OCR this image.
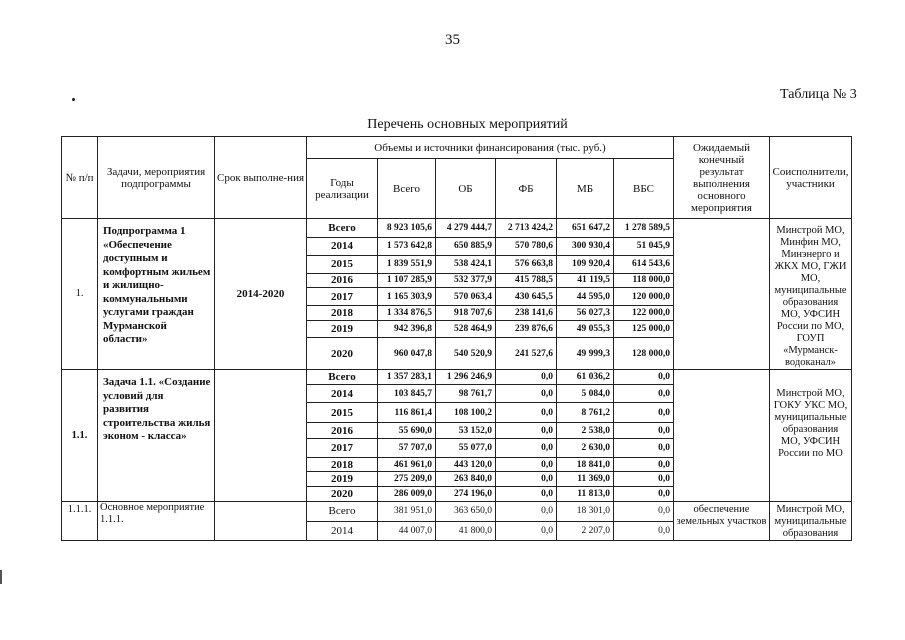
35
Таблица № 3
Перечень основных мероприятий
№ п/п	Задачи, мероприятия подпрограммы	Срок выполне-ния	Объемы и источники финансирования (тыс. руб.)						Ожидаемый конечный результат выполнения основного мероприятия	Соисполнители, участники
			Годы реализации	Всего	ОБ	ФБ	МБ	ВБС		
1.	Подпрограмма 1 «Обеспечение доступным и комфортным жильем и жилищно-коммунальными услугами граждан Мурманской области»	2014-2020	Всего	8 923 105,6	4 279 444,7	2 713 424,2	651 647,2	1 278 589,5		Минстрой МО, Минфин МО, Минэнерго и ЖКХ МО, ГЖИ МО, муниципальные образования МО, УФСИН России по МО, ГОУП «Мурманск-водоканал»
			2014	1 573 642,8	650 885,9	570 780,6	300 930,4	51 045,9		
			2015	1 839 551,9	538 424,1	576 663,8	109 920,4	614 543,6		
			2016	1 107 285,9	532 377,9	415 788,5	41 119,5	118 000,0		
			2017	1 165 303,9	570 063,4	430 645,5	44 595,0	120 000,0		
			2018	1 334 876,5	918 707,6	238 141,6	56 027,3	122 000,0		
			2019	942 396,8	528 464,9	239 876,6	49 055,3	125 000,0		
			2020	960 047,8	540 520,9	241 527,6	49 999,3	128 000,0		
1.1.	Задача 1.1. «Создание условий для развития строительства жилья эконом - класса»		Всего	1 357 283,1	1 296 246,9	0,0	61 036,2	0,0		Минстрой МО, ГОКУ УКС МО, муниципальные образования МО, УФСИН России по МО
			2014	103 845,7	98 761,7	0,0	5 084,0	0,0		
			2015	116 861,4	108 100,2	0,0	8 761,2	0,0		
			2016	55 690,0	53 152,0	0,0	2 538,0	0,0		
			2017	57 707,0	55 077,0	0,0	2 630,0	0,0		
			2018	461 961,0	443 120,0	0,0	18 841,0	0,0		
			2019	275 209,0	263 840,0	0,0	11 369,0	0,0		
			2020	286 009,0	274 196,0	0,0	11 813,0	0,0		
1.1.1.	Основное мероприятие 1.1.1.		Всего	381 951,0	363 650,0	0,0	18 301,0	0,0	обеспечение земельных участков	Минстрой МО, муниципальные образования
			2014	44 007,0	41 800,0	0,0	2 207,0	0,0		
